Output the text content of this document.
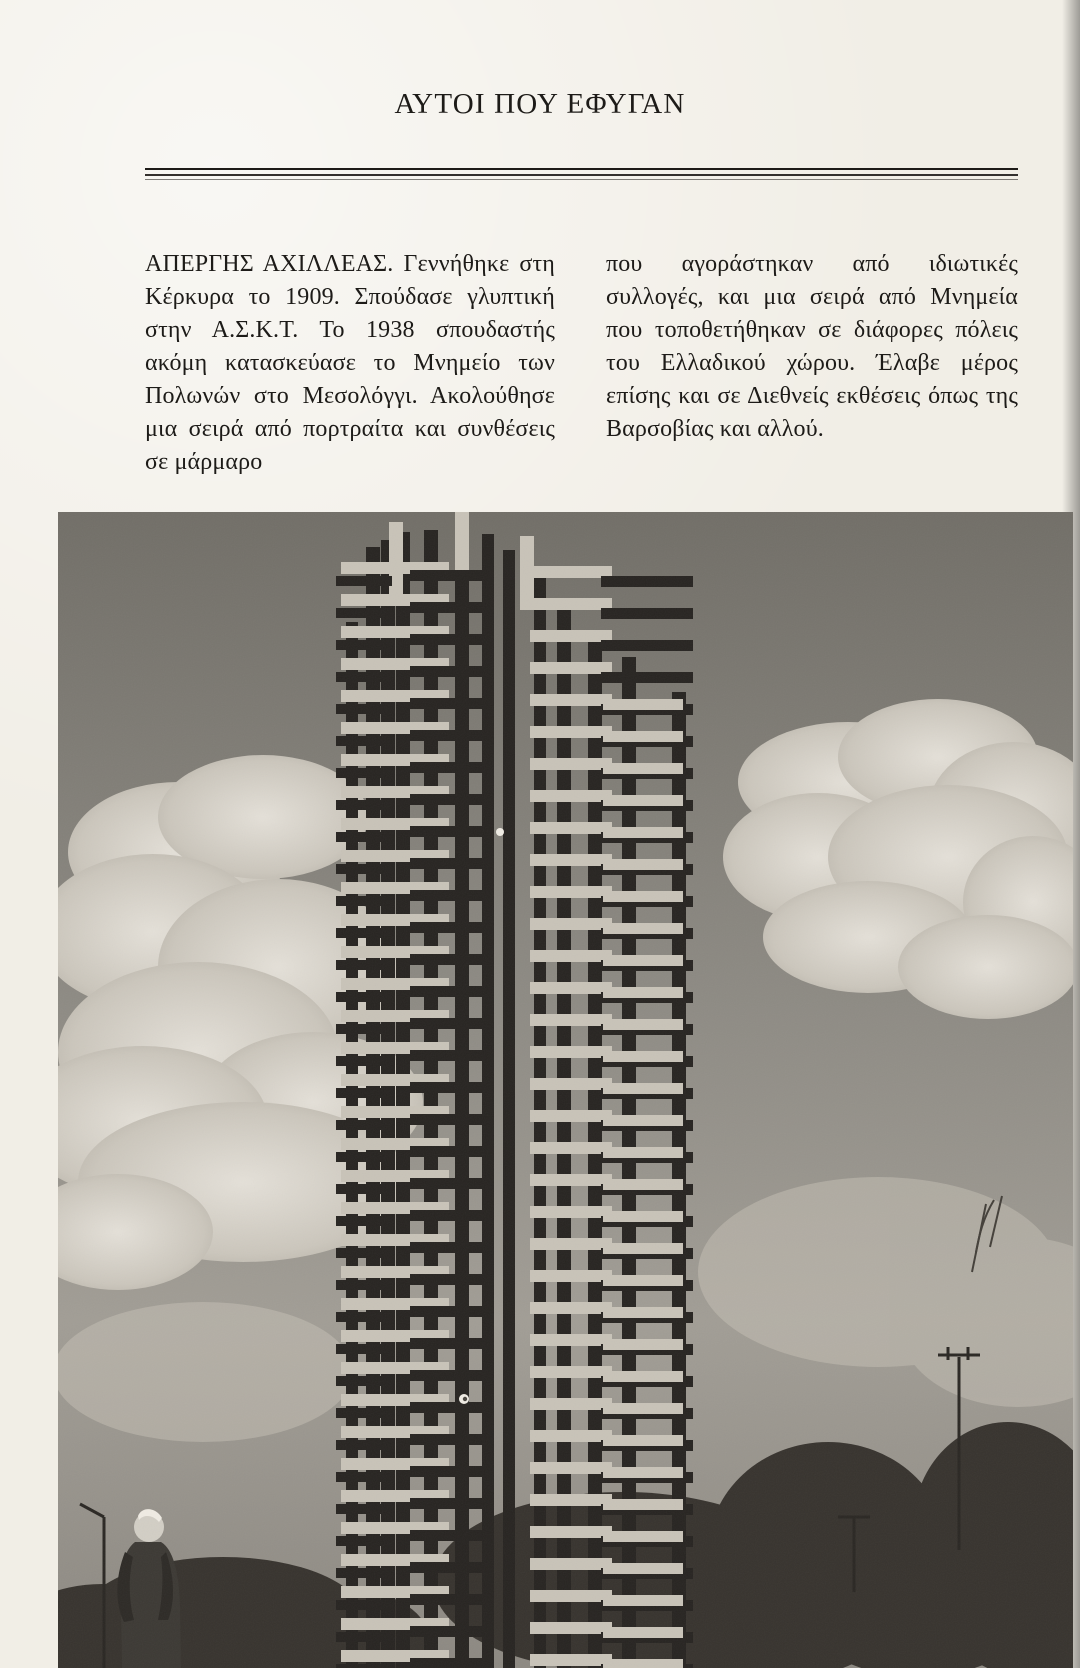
ΑΥΤΟΙ ΠΟΥ ΕΦΥΓΑΝ
ΑΠΕΡΓΗΣ ΑΧΙΛΛΕΑΣ. Γεννήθηκε στη Κέρκυρα το 1909. Σπούδασε γλυπτική στην Α.Σ.Κ.Τ. Το 1938 σπουδαστής ακόμη κατασκεύασε το Μνημείο των Πολωνών στο Μεσολόγγι. Ακολούθησε μια σειρά από πορτραίτα και συνθέσεις σε μάρμαρο
που αγοράστηκαν από ιδιωτικές συλλογές, και μια σειρά από Μνημεία που τοποθετήθηκαν σε διάφορες πόλεις του Ελλαδικού χώρου. Έλαβε μέρος επίσης και σε Διεθνείς εκθέσεις όπως της Βαρσοβίας και αλλού.
